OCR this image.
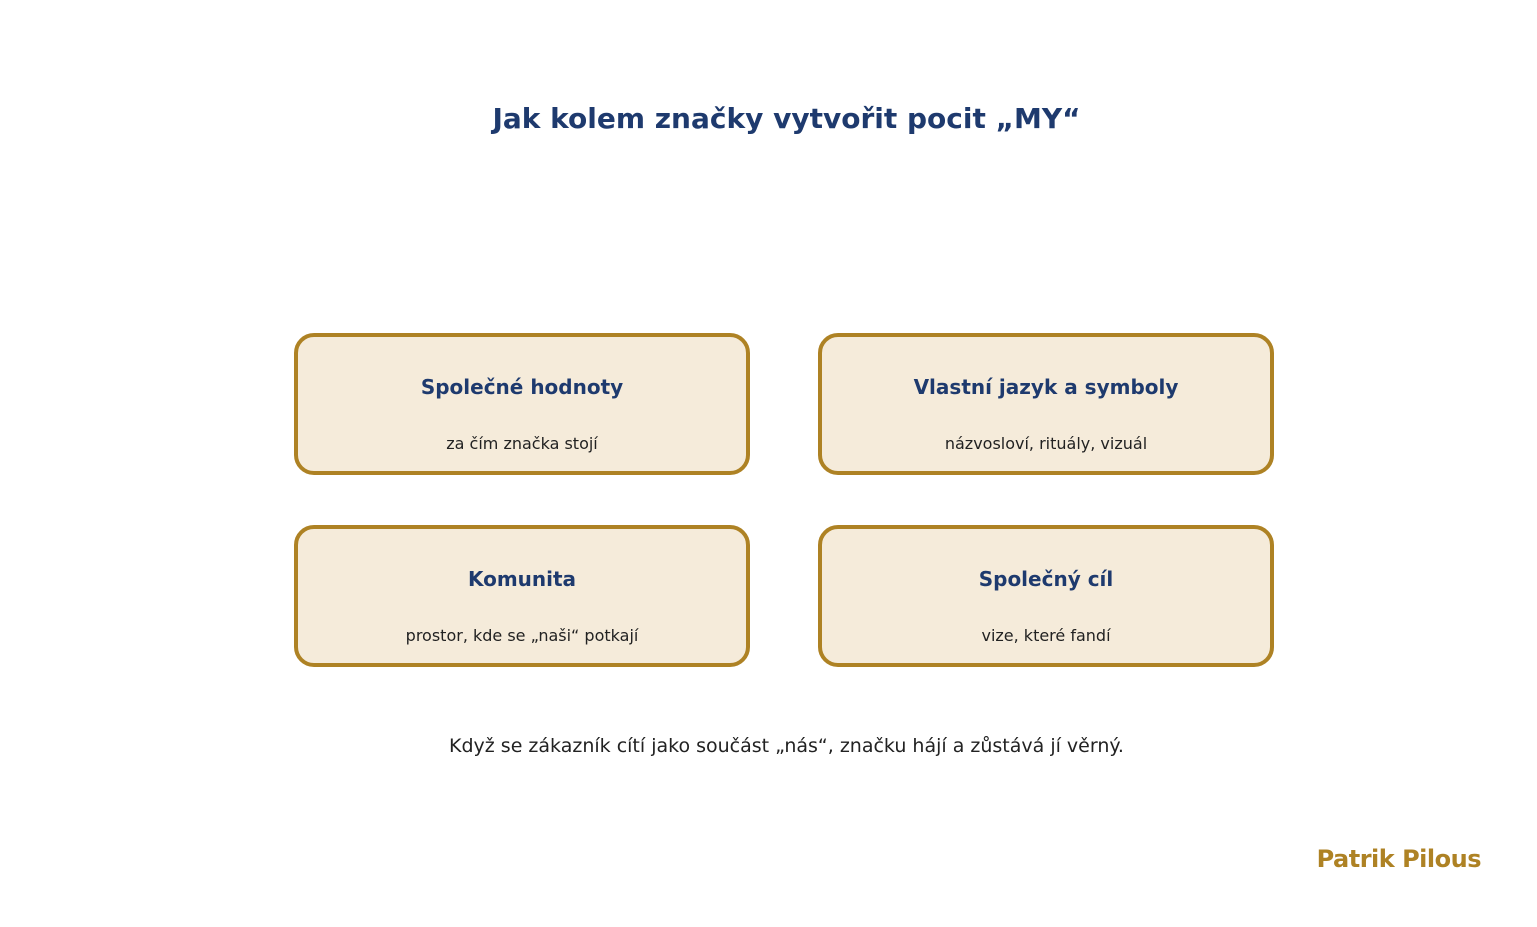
Jak kolem značky vytvořit pocit „MY“
Společné hodnoty
za čím značka stojí
Vlastní jazyk a symboly
názvosloví, rituály, vizuál
Komunita
prostor, kde se „naši“ potkají
Společný cíl
vize, které fandí
Když se zákazník cítí jako součást „nás“, značku hájí a zůstává jí věrný.
Patrik Pilous
